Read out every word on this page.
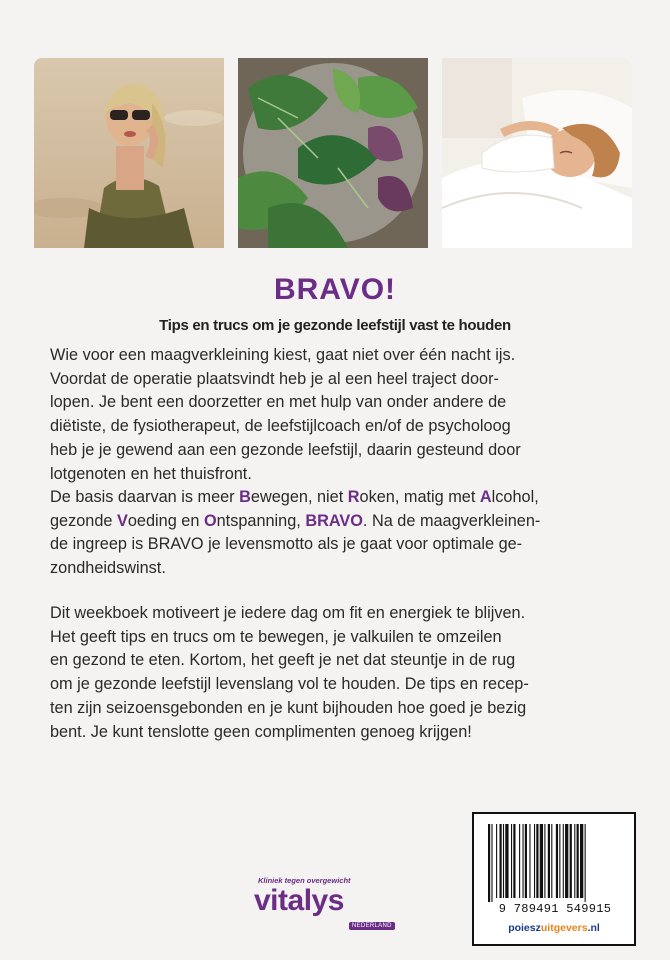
BRAVO!
Tips en trucs om je gezonde leefstijl vast te houden

Wie voor een maagverkleining kiest, gaat niet over één nacht ijs.
Voordat de operatie plaatsvindt heb je al een heel traject door-
lopen. Je bent een doorzetter en met hulp van onder andere de
diëtiste, de fysiotherapeut, de leefstijlcoach en/of de psycholoog
heb je je gewend aan een gezonde leefstijl, daarin gesteund door
lotgenoten en het thuisfront.

De basis daarvan is meer Bewegen, niet Roken, matig met Alcohol,
gezonde Voeding en Ontspanning, BRAVO. Na de maagverkleinen-
de ingreep is BRAVO je levensmotto als je gaat voor optimale ge-
zondheidswinst.

Dit weekboek motiveert je iedere dag om fit en energiek te blijven.
Het geeft tips en trucs om te bewegen, je valkuilen te omzeilen
en gezond te eten. Kortom, het geeft je net dat steuntje in de rug
om je gezonde leefstijl levenslang vol te houden. De tips en recep-
ten zijn seizoensgebonden en je kunt bijhouden hoe goed je bezig
bent. Je kunt tenslotte geen complimenten genoeg krijgen!

Kliniek tegen overgewicht
vitalys
NEDERLAND
9 789491 549915
poieszuitgevers.nl
